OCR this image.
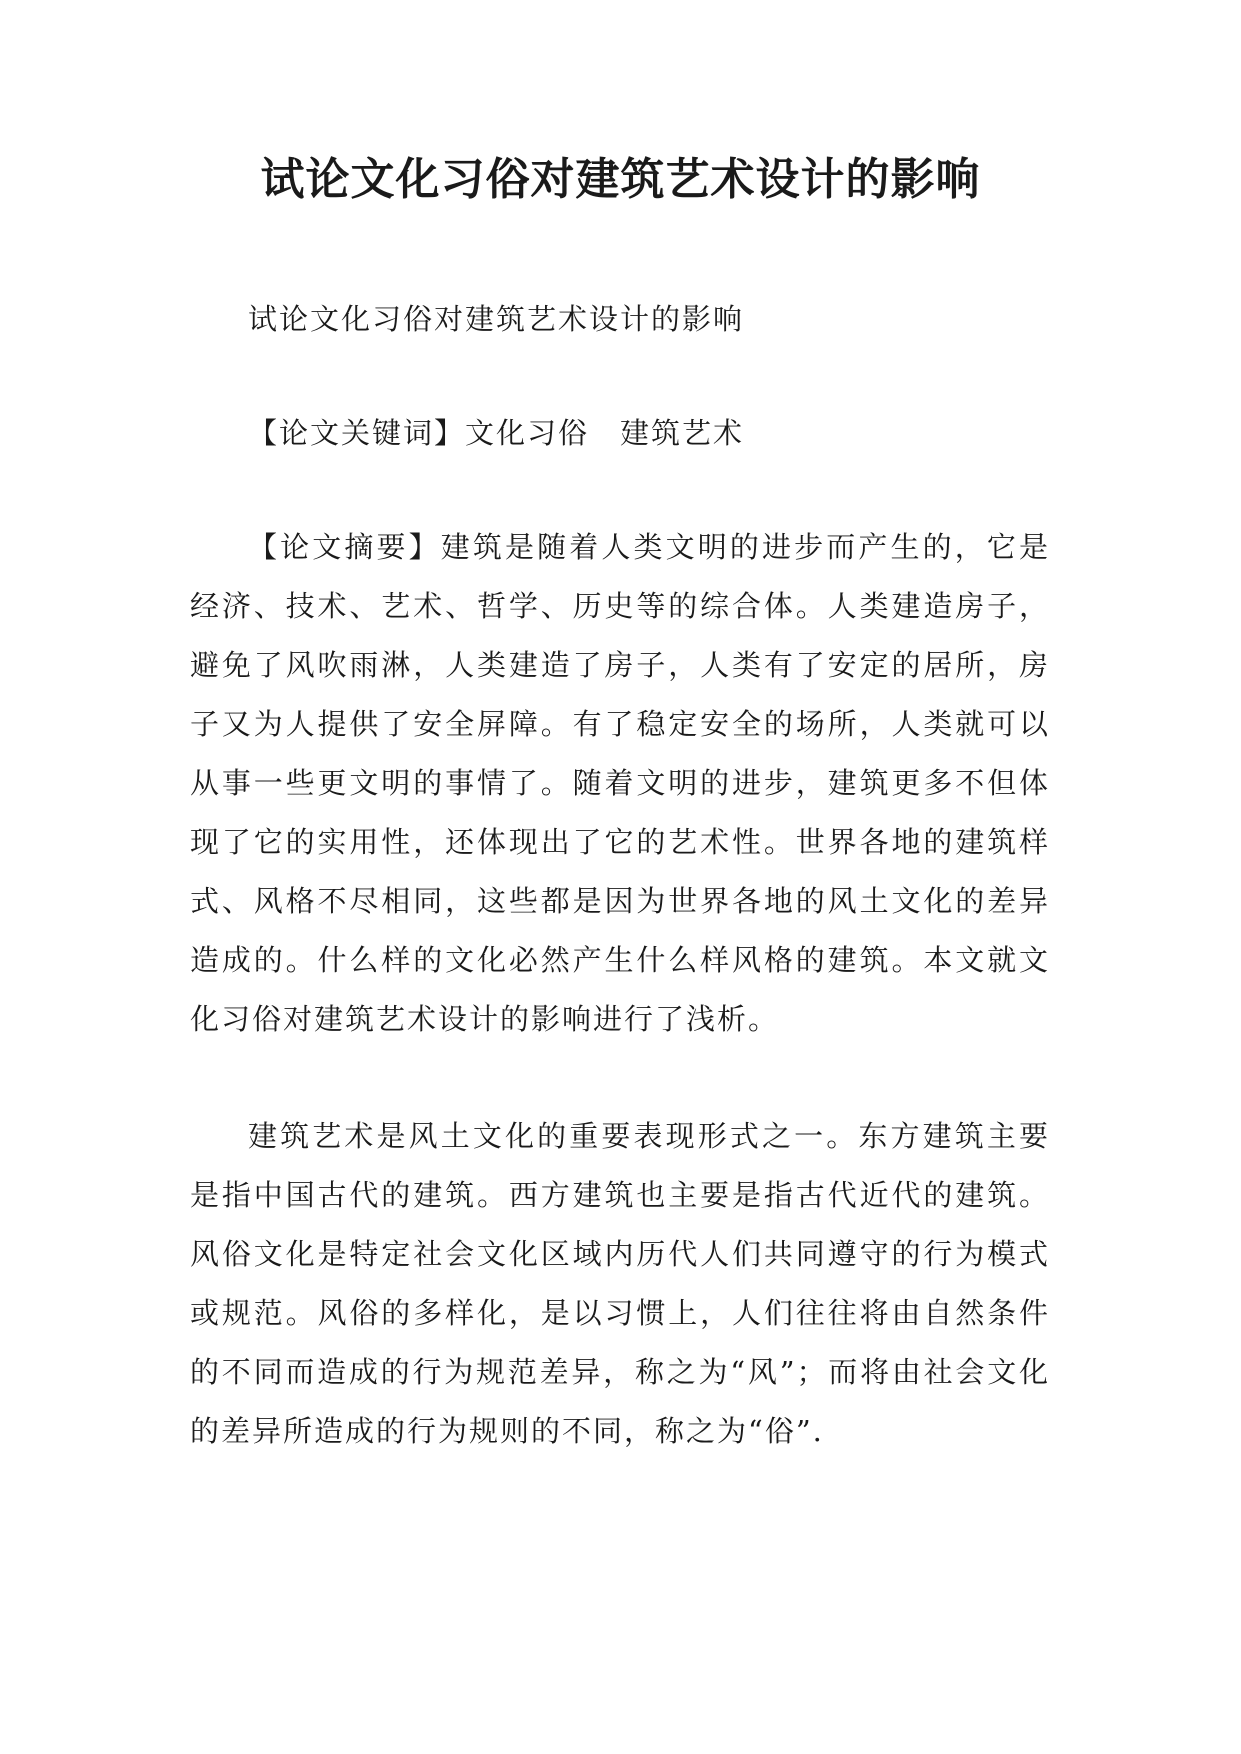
试论文化习俗对建筑艺术设计的影响

试论文化习俗对建筑艺术设计的影响

【论文关键词】文化习俗　建筑艺术

【论文摘要】建筑是随着人类文明的进步而产生的，它是经济、技术、艺术、哲学、历史等的综合体。人类建造房子，避免了风吹雨淋，人类建造了房子，人类有了安定的居所，房子又为人提供了安全屏障。有了稳定安全的场所，人类就可以从事一些更文明的事情了。随着文明的进步，建筑更多不但体现了它的实用性，还体现出了它的艺术性。世界各地的建筑样式、风格不尽相同，这些都是因为世界各地的风土文化的差异造成的。什么样的文化必然产生什么样风格的建筑。本文就文化习俗对建筑艺术设计的影响进行了浅析。

建筑艺术是风土文化的重要表现形式之一。东方建筑主要是指中国古代的建筑。西方建筑也主要是指古代近代的建筑。风俗文化是特定社会文化区域内历代人们共同遵守的行为模式或规范。风俗的多样化，是以习惯上，人们往往将由自然条件的不同而造成的行为规范差异，称之为“风”；而将由社会文化的差异所造成的行为规则的不同，称之为“俗”.
